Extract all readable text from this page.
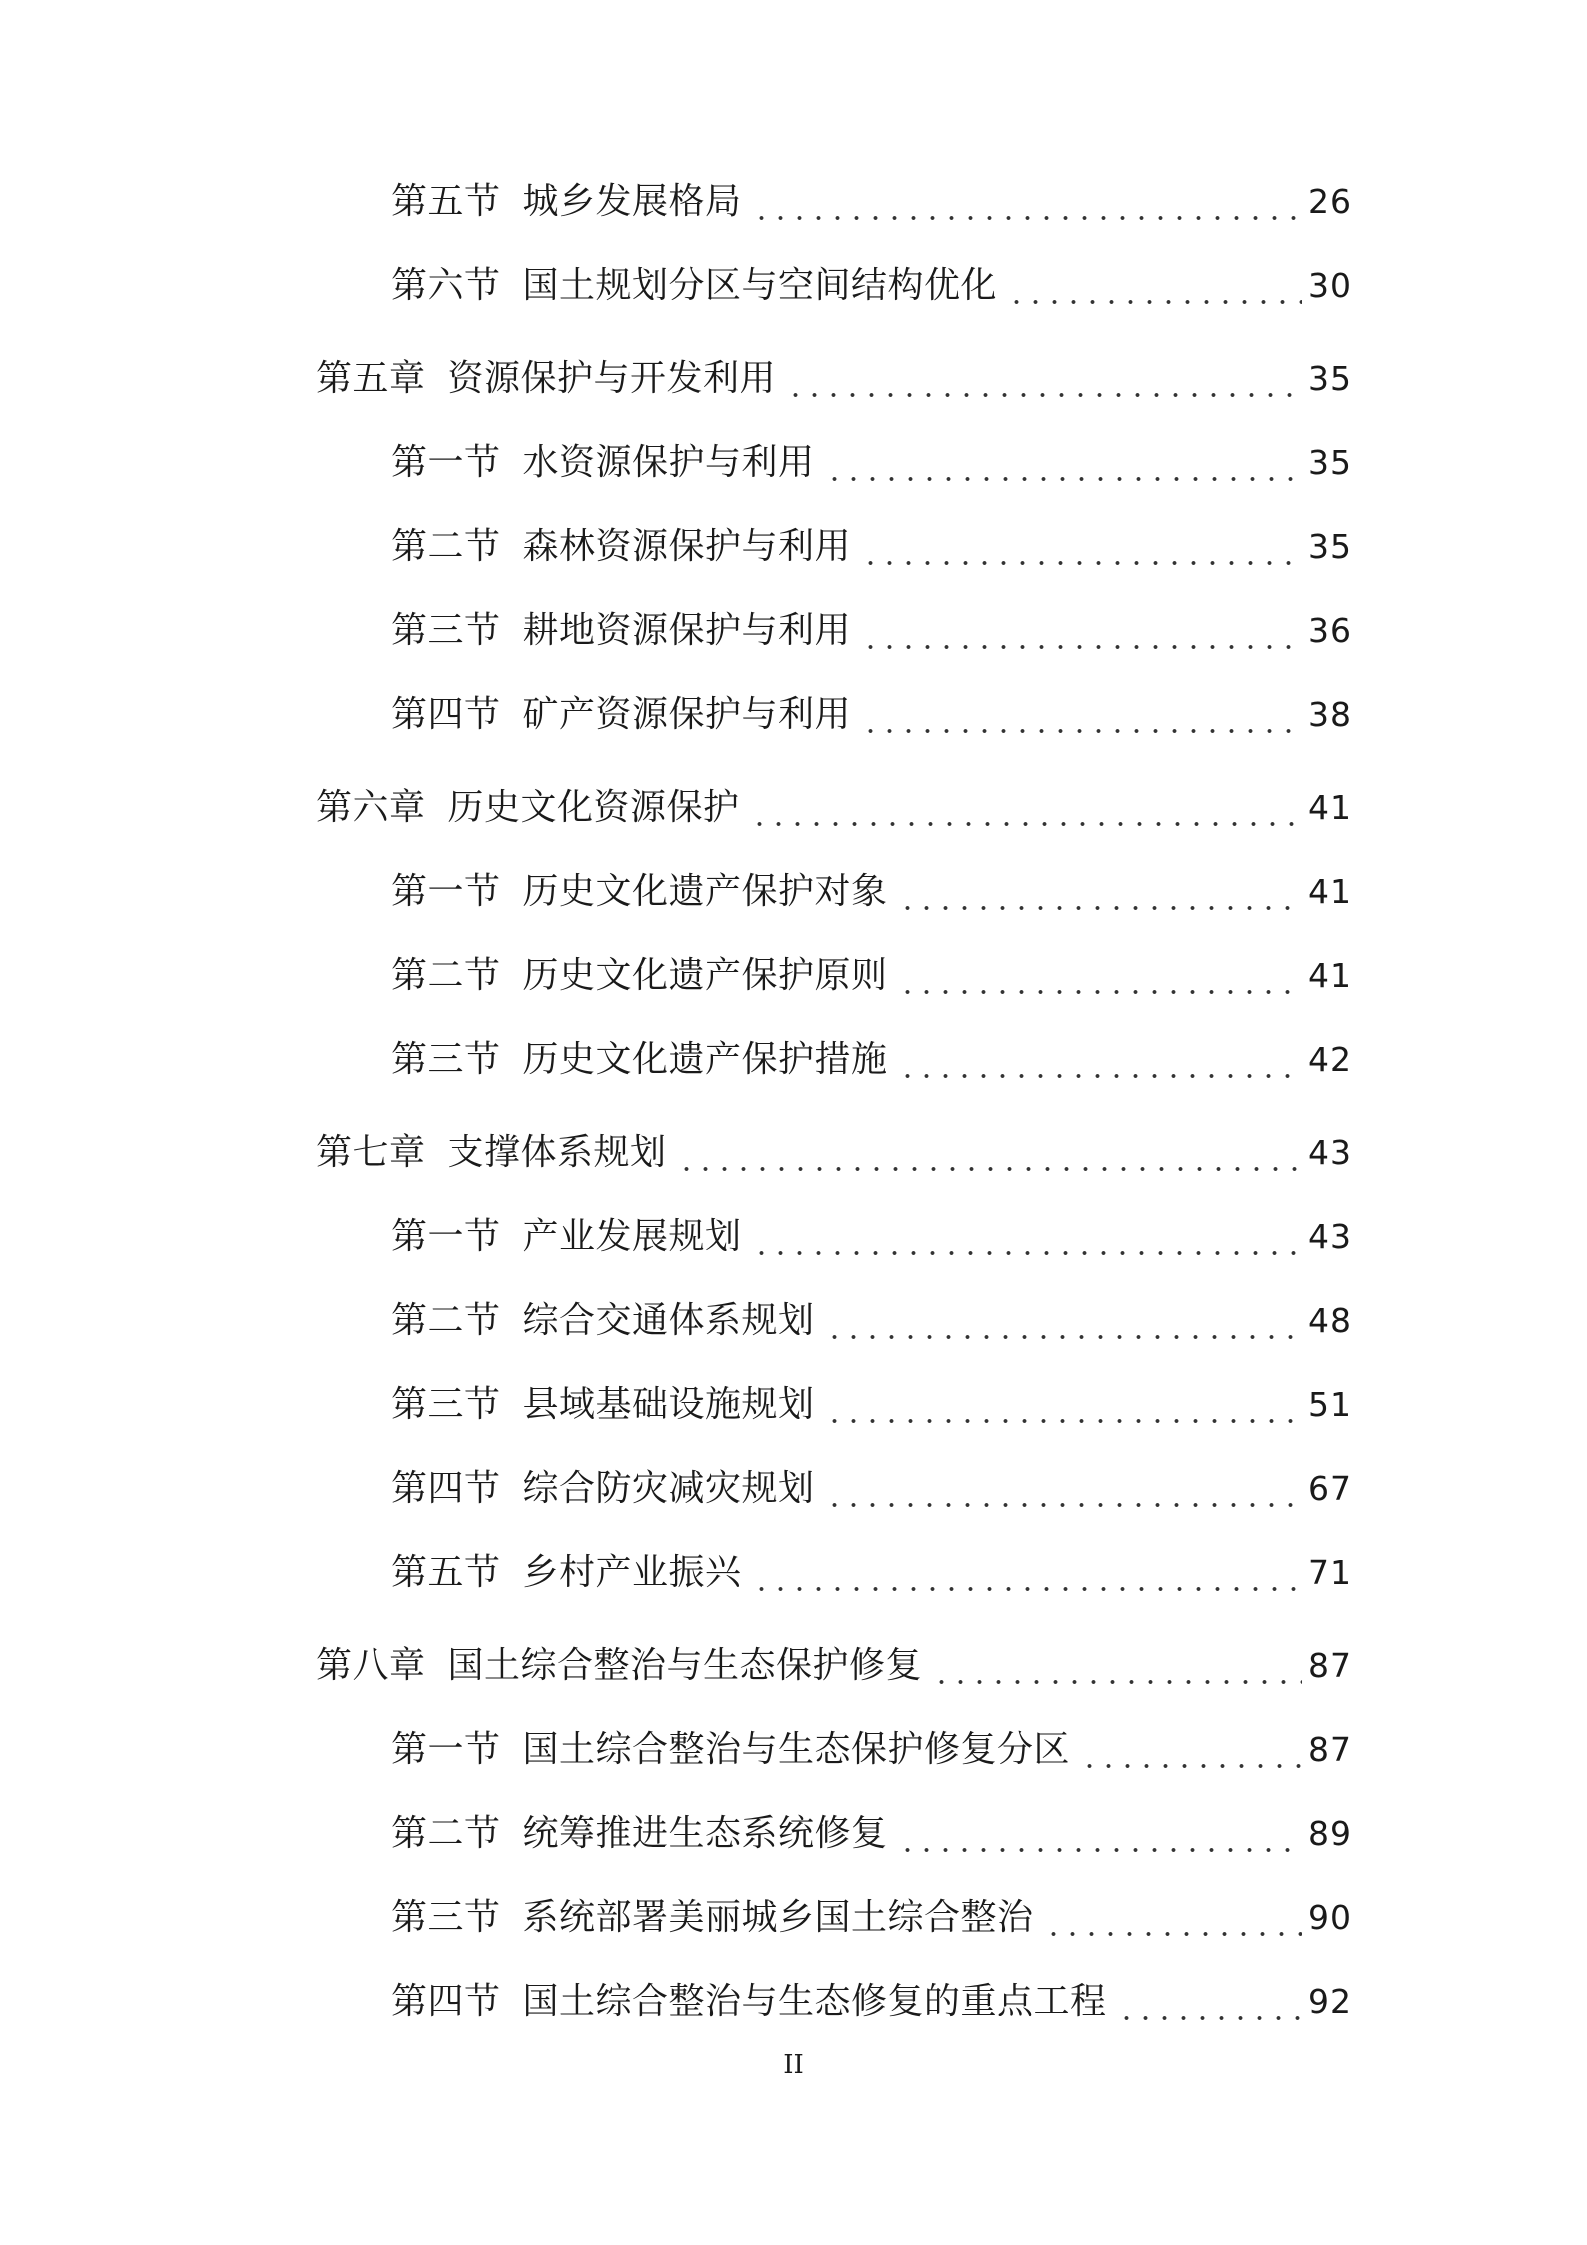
第五节 城乡发展格局	26
第六节 国土规划分区与空间结构优化	30
第五章 资源保护与开发利用	35
第一节 水资源保护与利用	35
第二节 森林资源保护与利用	35
第三节 耕地资源保护与利用	36
第四节 矿产资源保护与利用	38
第六章 历史文化资源保护	41
第一节 历史文化遗产保护对象	41
第二节 历史文化遗产保护原则	41
第三节 历史文化遗产保护措施	42
第七章 支撑体系规划	43
第一节 产业发展规划	43
第二节 综合交通体系规划	48
第三节 县域基础设施规划	51
第四节 综合防灾减灾规划	67
第五节 乡村产业振兴	71
第八章 国土综合整治与生态保护修复	87
第一节 国土综合整治与生态保护修复分区	87
第二节 统筹推进生态系统修复	89
第三节 系统部署美丽城乡国土综合整治	90
第四节 国土综合整治与生态修复的重点工程	92
II
